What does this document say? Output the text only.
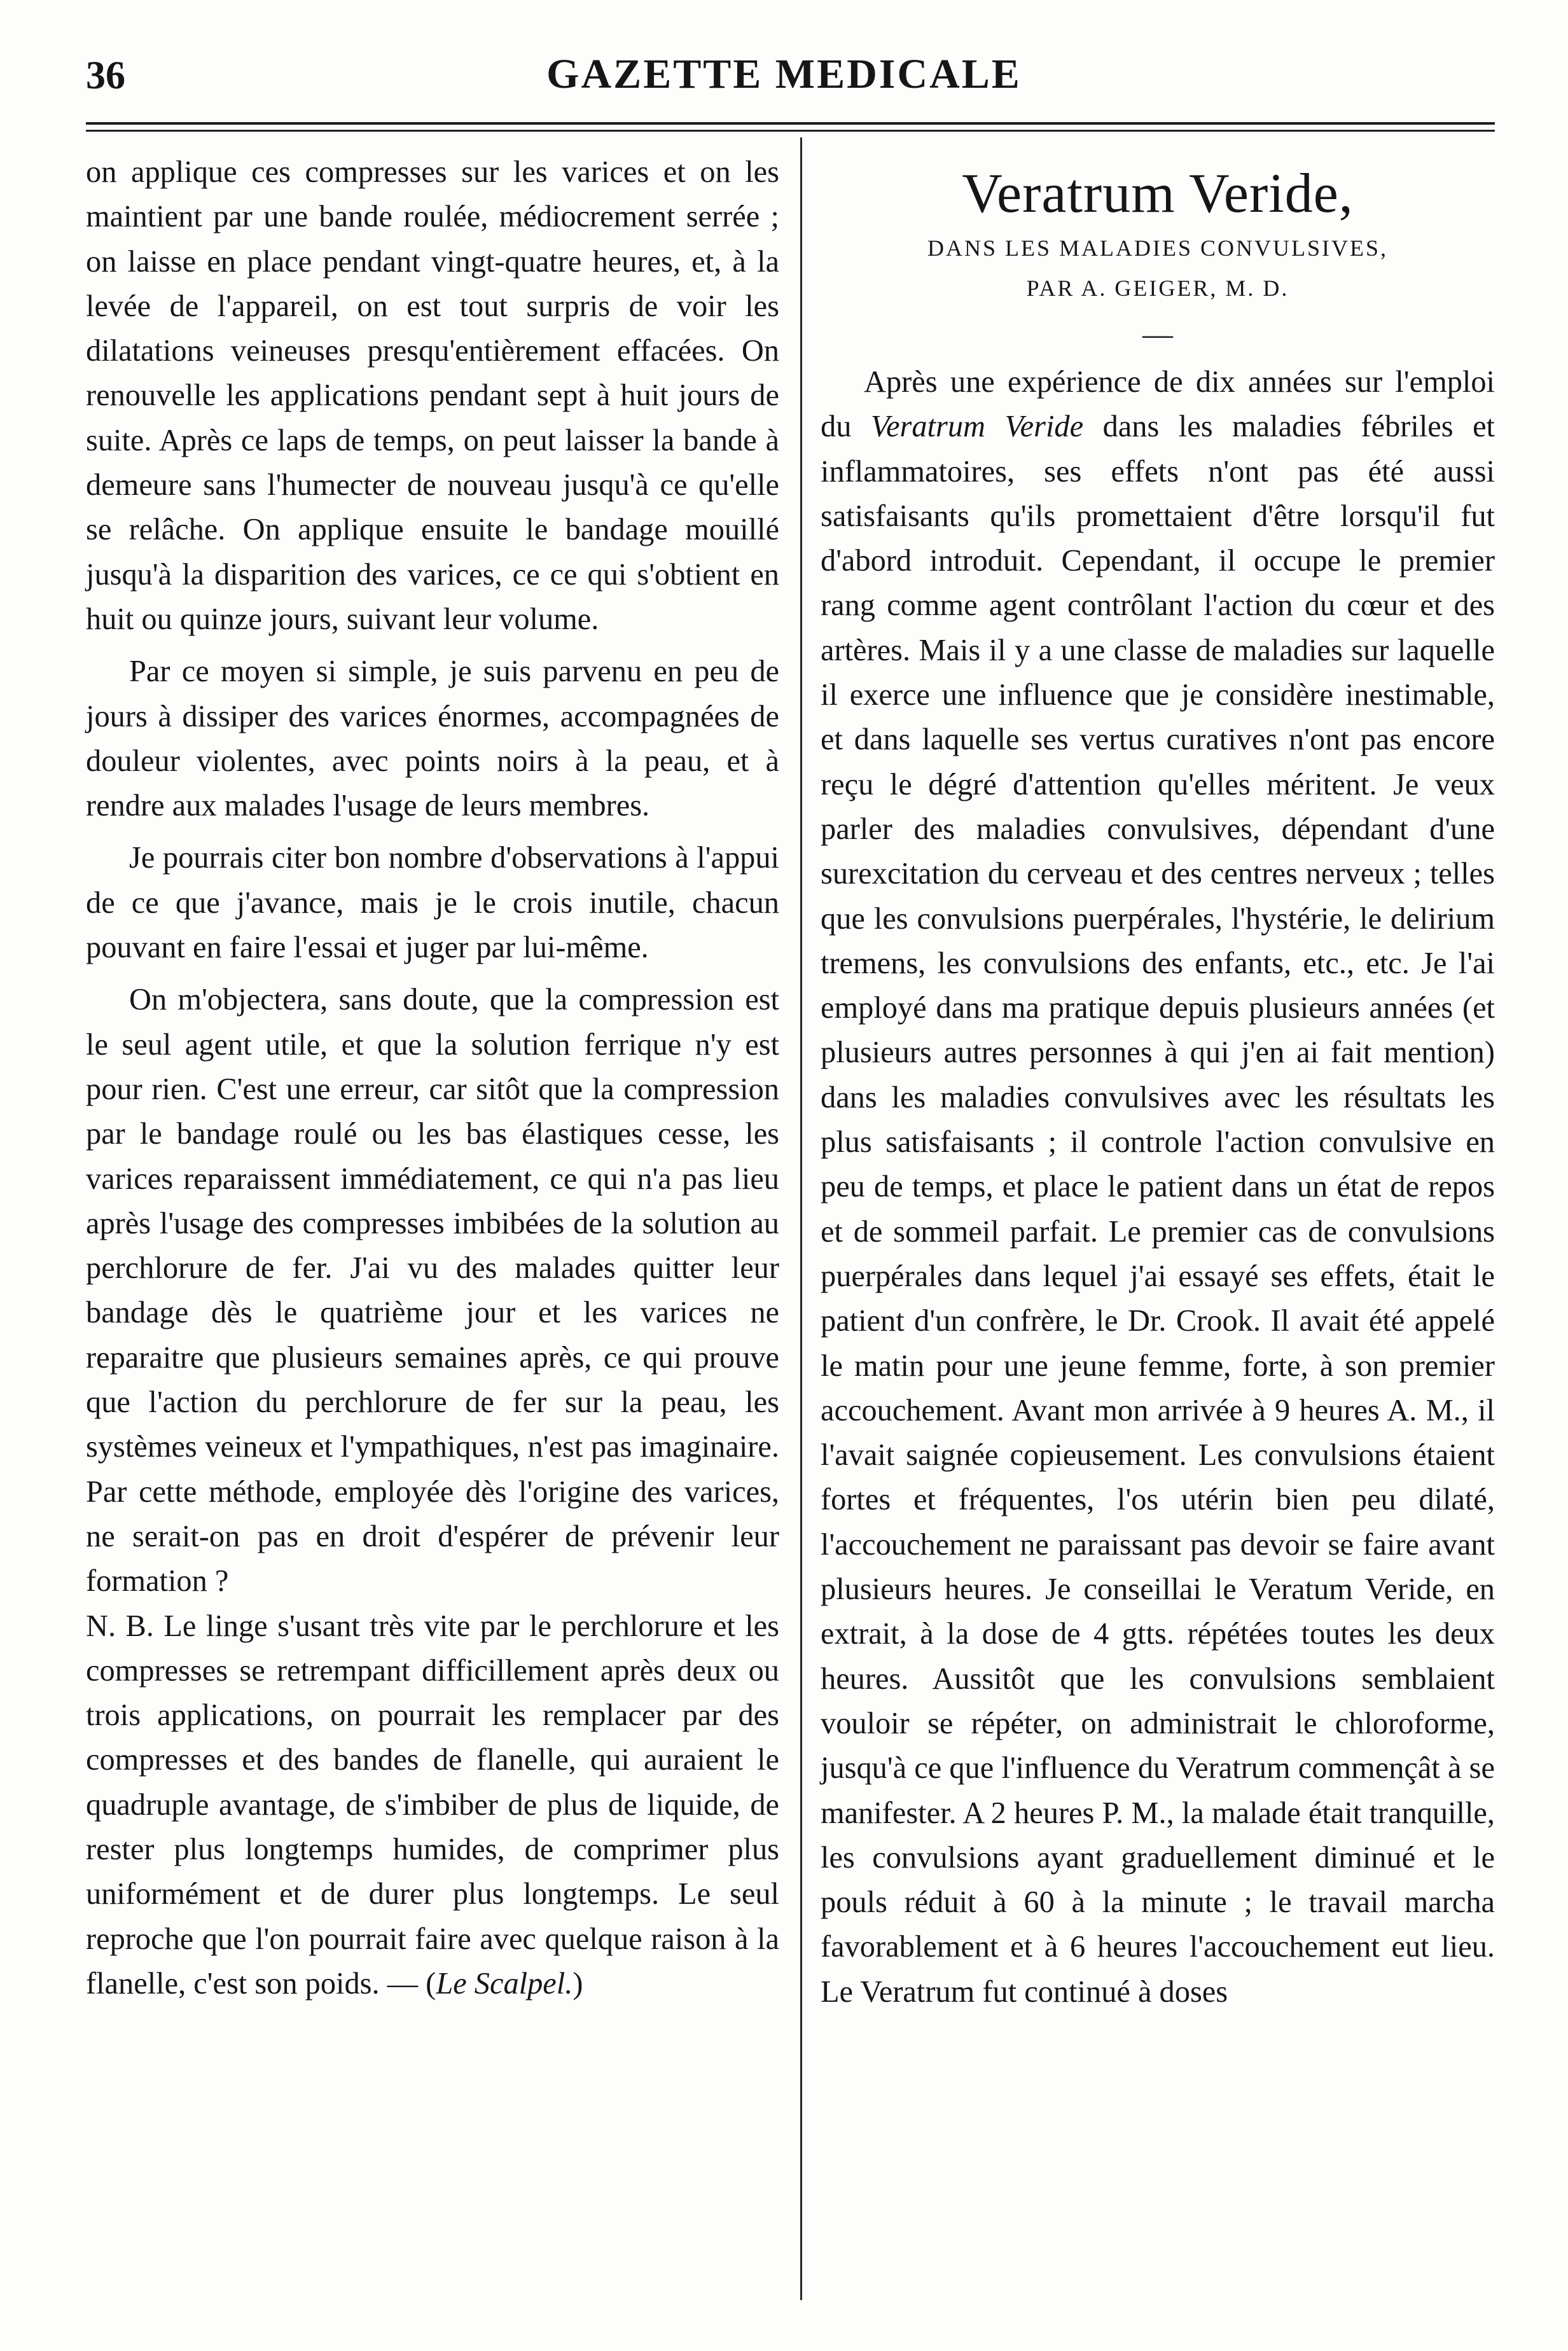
36	GAZETTE MEDICALE

on applique ces compresses sur les varices et on les maintient par une bande roulée, médiocrement serrée ; on laisse en place pendant vingt-quatre heures, et, à la levée de l'appareil, on est tout surpris de voir les dilatations veineuses presqu'entièrement effacées. On renouvelle les applications pendant sept à huit jours de suite. Après ce laps de temps, on peut laisser la bande à demeure sans l'humecter de nouveau jusqu'à ce qu'elle se relâche. On applique ensuite le bandage mouillé jusqu'à la disparition des varices, ce ce qui s'obtient en huit ou quinze jours, suivant leur volume.

Par ce moyen si simple, je suis parvenu en peu de jours à dissiper des varices énormes, accompagnées de douleur violentes, avec points noirs à la peau, et à rendre aux malades l'usage de leurs membres.

Je pourrais citer bon nombre d'observations à l'appui de ce que j'avance, mais je le crois inutile, chacun pouvant en faire l'essai et juger par lui-même.

On m'objectera, sans doute, que la compression est le seul agent utile, et que la solution ferrique n'y est pour rien. C'est une erreur, car sitôt que la compression par le bandage roulé ou les bas élastiques cesse, les varices reparaissent immédiatement, ce qui n'a pas lieu après l'usage des compresses imbibées de la solution au perchlorure de fer. J'ai vu des malades quitter leur bandage dès le quatrième jour et les varices ne reparaitre que plusieurs semaines après, ce qui prouve que l'action du perchlorure de fer sur la peau, les systèmes veineux et l'ympathiques, n'est pas imaginaire. Par cette méthode, employée dès l'origine des varices, ne serait-on pas en droit d'espérer de prévenir leur formation ?

N. B. Le linge s'usant très vite par le perchlorure et les compresses se retrempant difficillement après deux ou trois applications, on pourrait les remplacer par des compresses et des bandes de flanelle, qui auraient le quadruple avantage, de s'imbiber de plus de liquide, de rester plus longtemps humides, de comprimer plus uniformément et de durer plus longtemps. Le seul reproche que l'on pourrait faire avec quelque raison à la flanelle, c'est son poids. — (Le Scalpel.)

Veratrum Veride,
DANS LES MALADIES CONVULSIVES,
PAR A. GEIGER, M. D.
—

Après une expérience de dix années sur l'emploi du Veratrum Veride dans les maladies fébriles et inflammatoires, ses effets n'ont pas été aussi satisfaisants qu'ils promettaient d'être lorsqu'il fut d'abord introduit. Cependant, il occupe le premier rang comme agent contrôlant l'action du cœur et des artères. Mais il y a une classe de maladies sur laquelle il exerce une influence que je considère inestimable, et dans laquelle ses vertus curatives n'ont pas encore reçu le dégré d'attention qu'elles méritent. Je veux parler des maladies convulsives, dépendant d'une surexcitation du cerveau et des centres nerveux ; telles que les convulsions puerpérales, l'hystérie, le delirium tremens, les convulsions des enfants, etc., etc. Je l'ai employé dans ma pratique depuis plusieurs années (et plusieurs autres personnes à qui j'en ai fait mention) dans les maladies convulsives avec les résultats les plus satisfaisants ; il controle l'action convulsive en peu de temps, et place le patient dans un état de repos et de sommeil parfait. Le premier cas de convulsions puerpérales dans lequel j'ai essayé ses effets, était le patient d'un confrère, le Dr. Crook. Il avait été appelé le matin pour une jeune femme, forte, à son premier accouchement. Avant mon arrivée à 9 heures A. M., il l'avait saignée copieusement. Les convulsions étaient fortes et fréquentes, l'os utérin bien peu dilaté, l'accouchement ne paraissant pas devoir se faire avant plusieurs heures. Je conseillai le Veratum Veride, en extrait, à la dose de 4 gtts. répétées toutes les deux heures. Aussitôt que les convulsions semblaient vouloir se répéter, on administrait le chloroforme, jusqu'à ce que l'influence du Veratrum commençât à se manifester. A 2 heures P. M., la malade était tranquille, les convulsions ayant graduellement diminué et le pouls réduit à 60 à la minute ; le travail marcha favorablement et à 6 heures l'accouchement eut lieu. Le Veratrum fut continué à doses
